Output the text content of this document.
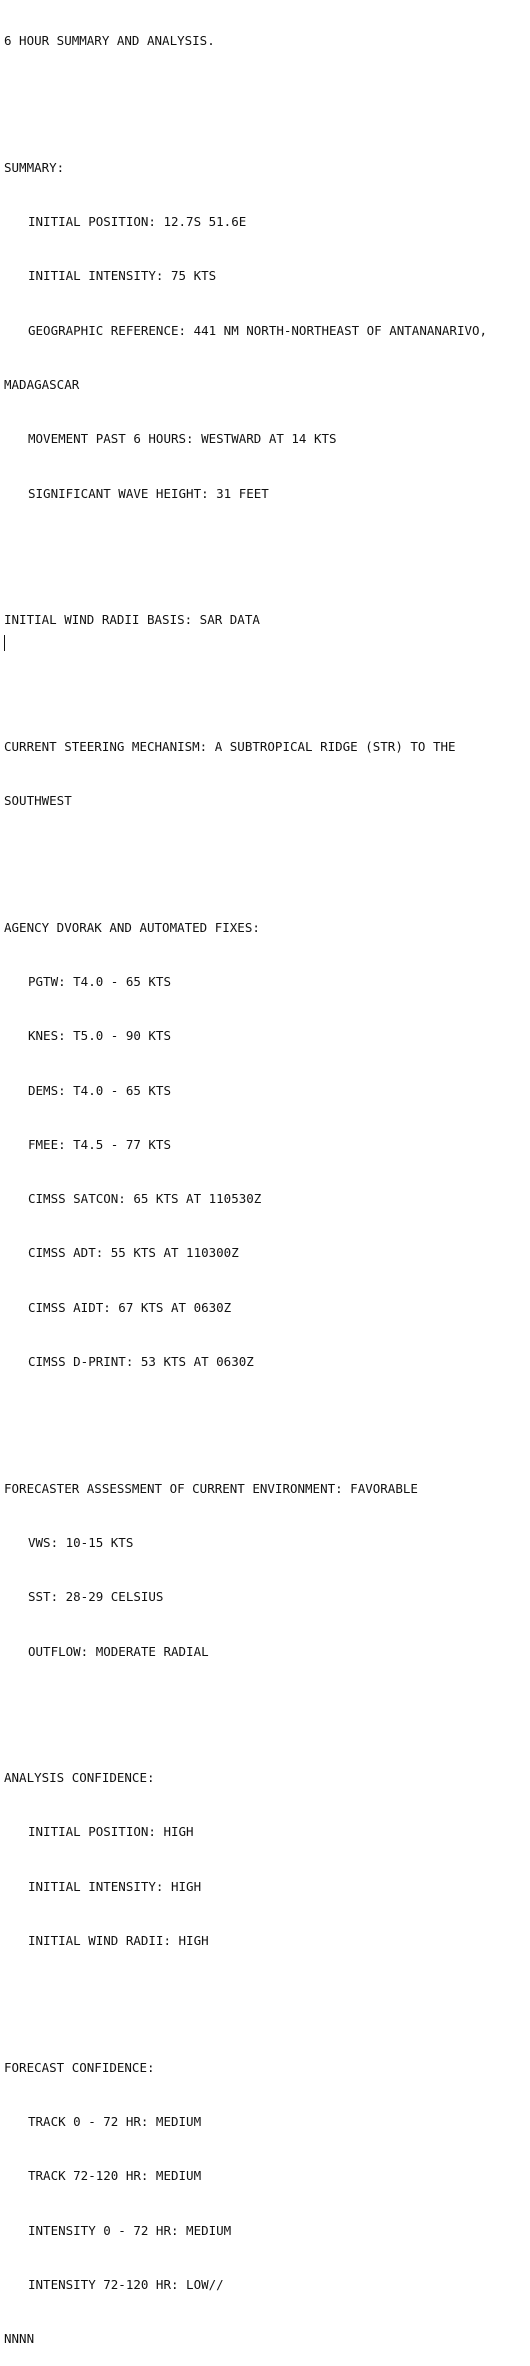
6 HOUR SUMMARY AND ANALYSIS.

SUMMARY:

INITIAL POSITION: 12.7S 51.6E

INITIAL INTENSITY: 75 KTS

GEOGRAPHIC REFERENCE: 441 NM NORTH-NORTHEAST OF ANTANANARIVO,

MADAGASCAR

MOVEMENT PAST 6 HOURS: WESTWARD AT 14 KTS

SIGNIFICANT WAVE HEIGHT: 31 FEET

INITIAL WIND RADII BASIS: SAR DATA

CURRENT STEERING MECHANISM: A SUBTROPICAL RIDGE (STR) TO THE

SOUTHWEST

AGENCY DVORAK AND AUTOMATED FIXES:

PGTW: T4.0 - 65 KTS

KNES: T5.0 - 90 KTS

DEMS: T4.0 - 65 KTS

FMEE: T4.5 - 77 KTS

CIMSS SATCON: 65 KTS AT 110530Z

CIMSS ADT: 55 KTS AT 110300Z

CIMSS AIDT: 67 KTS AT 0630Z

CIMSS D-PRINT: 53 KTS AT 0630Z

FORECASTER ASSESSMENT OF CURRENT ENVIRONMENT: FAVORABLE

VWS: 10-15 KTS

SST: 28-29 CELSIUS

OUTFLOW: MODERATE RADIAL

ANALYSIS CONFIDENCE:

INITIAL POSITION: HIGH

INITIAL INTENSITY: HIGH

INITIAL WIND RADII: HIGH

FORECAST CONFIDENCE:

TRACK 0 - 72 HR: MEDIUM

TRACK 72-120 HR: MEDIUM

INTENSITY 0 - 72 HR: MEDIUM

INTENSITY 72-120 HR: LOW//

NNNN
